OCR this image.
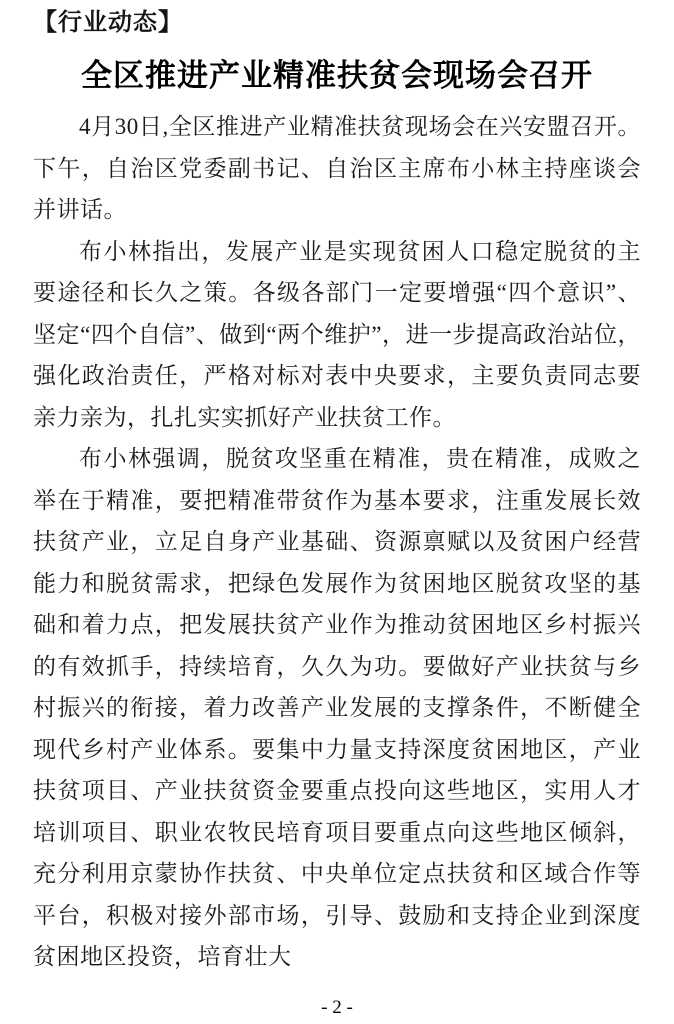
【行业动态】
全区推进产业精准扶贫会现场会召开

4月30日,全区推进产业精准扶贫现场会在兴安盟召开。下午，自治区党委副书记、自治区主席布小林主持座谈会并讲话。

布小林指出，发展产业是实现贫困人口稳定脱贫的主要途径和长久之策。各级各部门一定要增强“四个意识”、坚定“四个自信”、做到“两个维护”，进一步提高政治站位，强化政治责任，严格对标对表中央要求，主要负责同志要亲力亲为，扎扎实实抓好产业扶贫工作。

布小林强调，脱贫攻坚重在精准，贵在精准，成败之举在于精准，要把精准带贫作为基本要求，注重发展长效扶贫产业，立足自身产业基础、资源禀赋以及贫困户经营能力和脱贫需求，把绿色发展作为贫困地区脱贫攻坚的基础和着力点，把发展扶贫产业作为推动贫困地区乡村振兴的有效抓手，持续培育，久久为功。要做好产业扶贫与乡村振兴的衔接，着力改善产业发展的支撑条件，不断健全现代乡村产业体系。要集中力量支持深度贫困地区，产业扶贫项目、产业扶贫资金要重点投向这些地区，实用人才培训项目、职业农牧民培育项目要重点向这些地区倾斜，充分利用京蒙协作扶贫、中央单位定点扶贫和区域合作等平台，积极对接外部市场，引导、鼓励和支持企业到深度贫困地区投资，培育壮大

- 2 -
